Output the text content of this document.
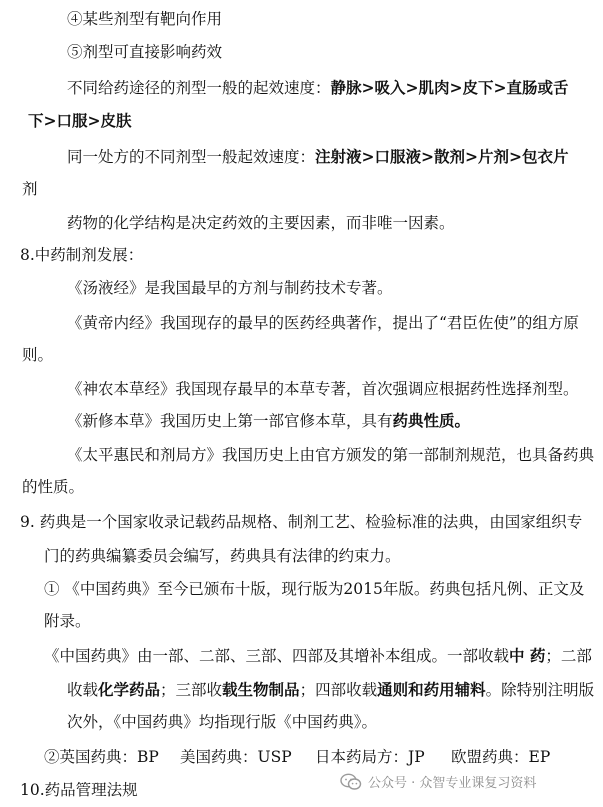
④某些剂型有靶向作用
⑤剂型可直接影响药效
不同给药途径的剂型一般的起效速度：静脉>吸入>肌肉>皮下>直肠或舌
下>口服>皮肤
同一处方的不同剂型一般起效速度：注射液>口服液>散剂>片剂>包衣片
剂
药物的化学结构是决定药效的主要因素，而非唯一因素。
8.中药制剂发展：
《汤液经》是我国最早的方剂与制药技术专著。
《黄帝内经》我国现存的最早的医药经典著作，提出了“君臣佐使”的组方原
则。
《神农本草经》我国现存最早的本草专著，首次强调应根据药性选择剂型。
《新修本草》我国历史上第一部官修本草，具有药典性质。
《太平惠民和剂局方》我国历史上由官方颁发的第一部制剂规范，也具备药典
的性质。
9. 药典是一个国家收录记载药品规格、制剂工艺、检验标准的法典，由国家组织专
门的药典编纂委员会编写，药典具有法律的约束力。
① 《中国药典》至今已颁布十版，现行版为2015年版。药典包括凡例、正文及
附录。
《中国药典》由一部、二部、三部、四部及其增补本组成。一部收载中 药；二部
收载化学药品；三部收载生物制品；四部收载通则和药用辅料。除特别注明版
次外，《中国药典》均指现行版《中国药典》。
②英国药典：BP 美国药典：USP 日本药局方：JP 欧盟药典：EP
10.药品管理法规	公众号 · 众智专业课复习资料
